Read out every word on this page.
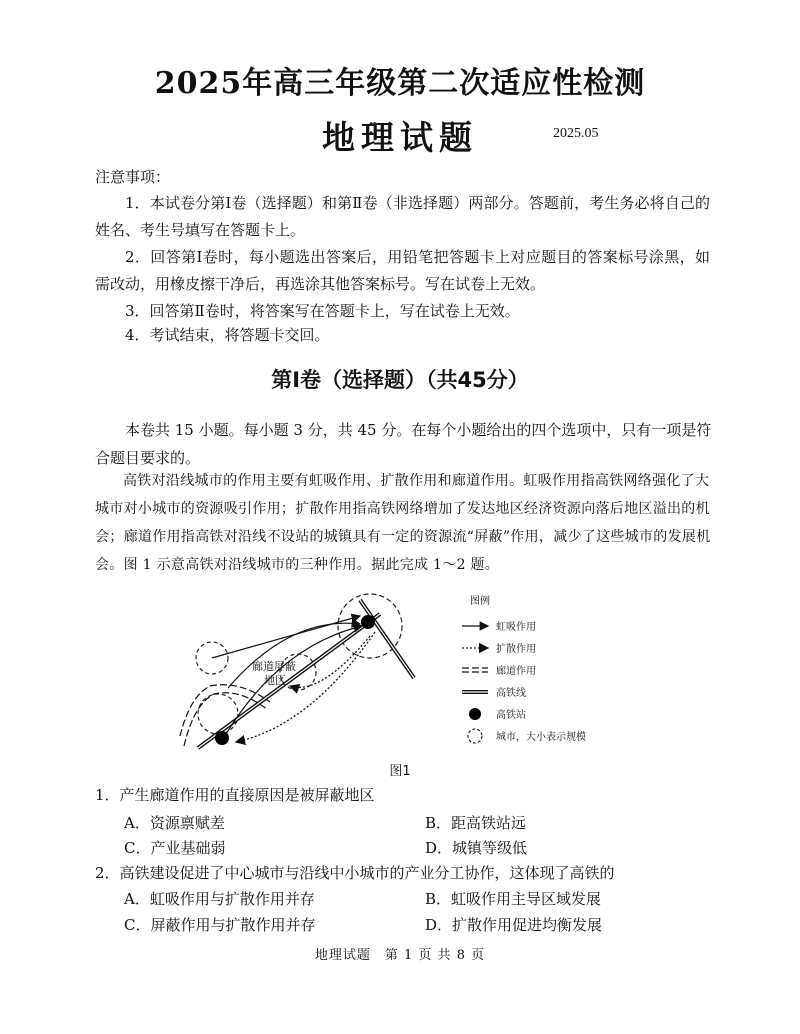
2025年高三年级第二次适应性检测
地理试题	2025.05
注意事项：
1．本试卷分第Ⅰ卷（选择题）和第Ⅱ卷（非选择题）两部分。答题前，考生务必将自己的姓名、考生号填写在答题卡上。
2．回答第Ⅰ卷时，每小题选出答案后，用铅笔把答题卡上对应题目的答案标号涂黑，如需改动，用橡皮擦干净后，再选涂其他答案标号。写在试卷上无效。
3．回答第Ⅱ卷时，将答案写在答题卡上，写在试卷上无效。
4．考试结束，将答题卡交回。
第Ⅰ卷（选择题）（共45分）
本卷共 15 小题。每小题 3 分，共 45 分。在每个小题给出的四个选项中，只有一项是符合题目要求的。
高铁对沿线城市的作用主要有虹吸作用、扩散作用和廊道作用。虹吸作用指高铁网络强化了大城市对小城市的资源吸引作用；扩散作用指高铁网络增加了发达地区经济资源向落后地区溢出的机会；廊道作用指高铁对沿线不设站的城镇具有一定的资源流“屏蔽”作用，减少了这些城市的发展机会。图 1 示意高铁对沿线城市的三种作用。据此完成 1～2 题。
廊道屏蔽
地区
图例
虹吸作用
扩散作用
廊道作用
高铁线
高铁站
城市，大小表示规模
图1
1．产生廊道作用的直接原因是被屏蔽地区
A．资源禀赋差	B．距高铁站远
C．产业基础弱	D．城镇等级低
2．高铁建设促进了中心城市与沿线中小城市的产业分工协作，这体现了高铁的
A．虹吸作用与扩散作用并存	B．虹吸作用主导区域发展
C．屏蔽作用与扩散作用并存	D．扩散作用促进均衡发展
地理试题　第 1 页 共 8 页
